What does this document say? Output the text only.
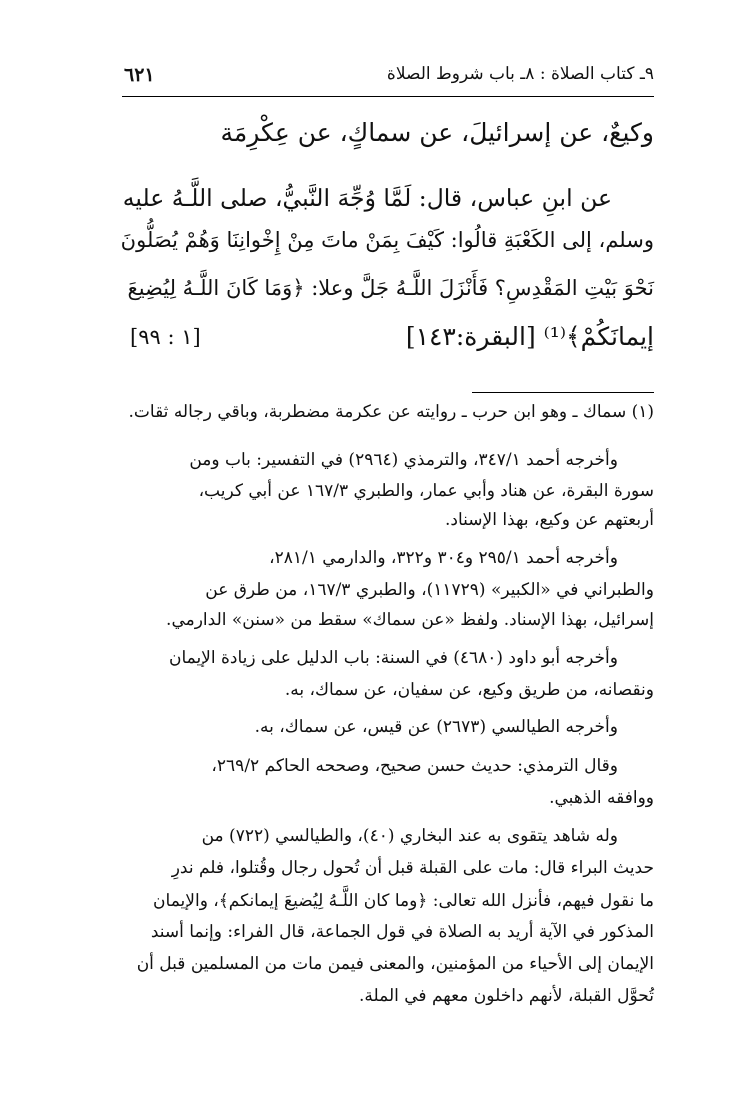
٩ـ كتاب الصلاة : ٨ـ باب شروط الصلاة
٦٢١
وكيعٌ، عن إسرائيلَ، عن سماكٍ، عن عِكْرِمَة
عن ابنِ عباس، قال: لَمَّا وُجِّهَ النَّبيُّ، صلى اللَّـهُ عليه
وسلم، إلى الكَعْبَةِ قالُوا: كَيْفَ بِمَنْ ماتَ مِنْ إِخْوانِنَا وَهُمْ يُصَلُّونَ
نَحْوَ بَيْتِ المَقْدِسِ؟ فَأَنْزَلَ اللَّـهُ جَلَّ وعلا: ﴿وَمَا كَانَ اللَّـهُ لِيُضِيعَ
إيمانَكُمْ﴾⁽¹⁾ [البقرة:١٤٣]
[١ : ٩٩]
(١) سماك ـ وهو ابن حرب ـ روايته عن عكرمة مضطربة، وباقي رجاله ثقات.
وأخرجه أحمد ٣٤٧/١، والترمذي (٢٩٦٤) في التفسير: باب ومن
سورة البقرة، عن هناد وأبي عمار، والطبري ١٦٧/٣ عن أبي كريب،
أربعتهم عن وكيع، بهذا الإسناد.
وأخرجه أحمد ٢٩٥/١ و٣٠٤ و٣٢٢، والدارمي ٢٨١/١،
والطبراني في «الكبير» (١١٧٢٩)، والطبري ١٦٧/٣، من طرق عن
إسرائيل، بهذا الإسناد. ولفظ «عن سماك» سقط من «سنن» الدارمي.
وأخرجه أبو داود (٤٦٨٠) في السنة: باب الدليل على زيادة الإيمان
ونقصانه، من طريق وكيع، عن سفيان، عن سماك، به.
وأخرجه الطيالسي (٢٦٧٣) عن قيس، عن سماك، به.
وقال الترمذي: حديث حسن صحيح، وصححه الحاكم ٢٦٩/٢،
ووافقه الذهبي.
وله شاهد يتقوى به عند البخاري (٤٠)، والطيالسي (٧٢٢) من
حديث البراء قال: مات على القبلة قبل أن تُحول رجال وقُتلوا، فلم ندرِ
ما نقول فيهم، فأنزل الله تعالى: ﴿وما كان اللَّـهُ لِيُضيعَ إيمانكم﴾، والإيمان
المذكور في الآية أريد به الصلاة في قول الجماعة، قال الفراء: وإنما أسند
الإيمان إلى الأحياء من المؤمنين، والمعنى فيمن مات من المسلمين قبل أن
تُحوَّل القبلة، لأنهم داخلون معهم في الملة.
